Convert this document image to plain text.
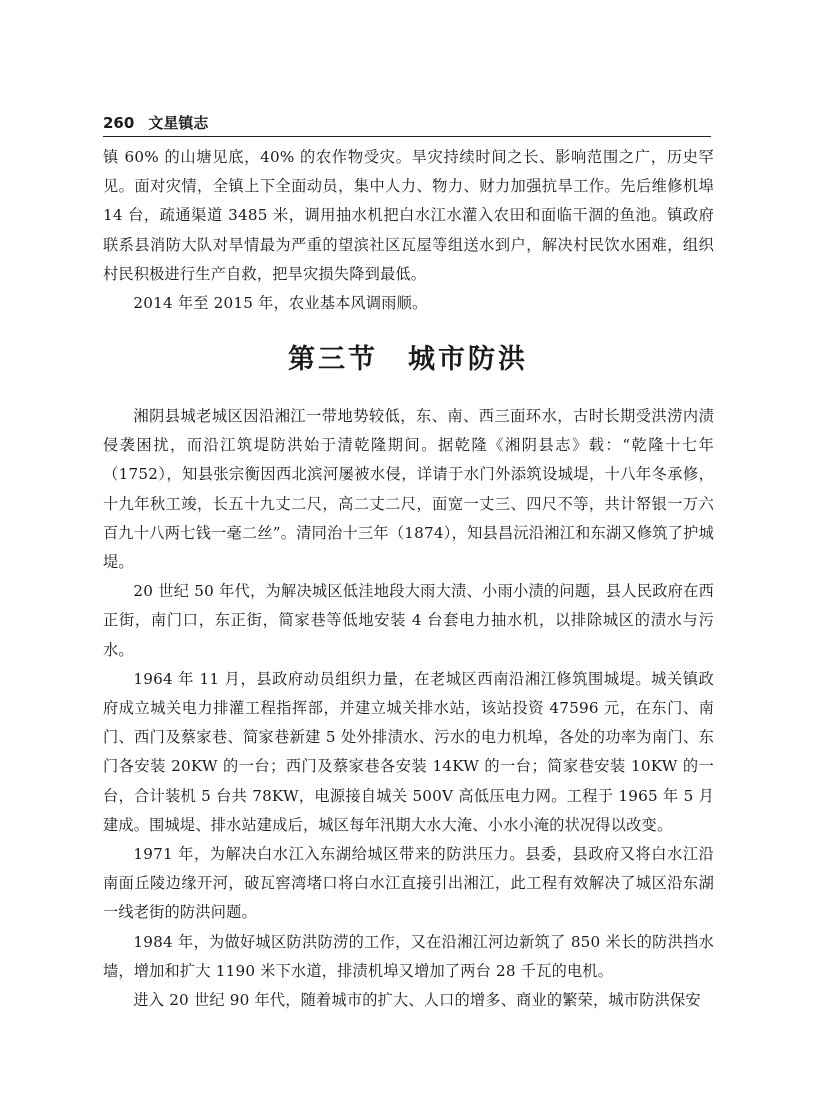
260 文星镇志

镇 60% 的山塘见底，40% 的农作物受灾。旱灾持续时间之长、影响范围之广，历史罕见。面对灾情，全镇上下全面动员，集中人力、物力、财力加强抗旱工作。先后维修机埠 14 台，疏通渠道 3485 米，调用抽水机把白水江水灌入农田和面临干涸的鱼池。镇政府联系县消防大队对旱情最为严重的望滨社区瓦屋等组送水到户，解决村民饮水困难，组织村民积极进行生产自救，把旱灾损失降到最低。

2014 年至 2015 年，农业基本风调雨顺。

第三节 城市防洪

湘阴县城老城区因沿湘江一带地势较低，东、南、西三面环水，古时长期受洪涝内渍侵袭困扰，而沿江筑堤防洪始于清乾隆期间。据乾隆《湘阴县志》载：“乾隆十七年（1752），知县张宗衡因西北滨河屡被水侵，详请于水门外添筑设城堤，十八年冬承修，十九年秋工竣，长五十九丈二尺，高二丈二尺，面宽一丈三、四尺不等，共计帑银一万六百九十八两七钱一毫二丝”。清同治十三年（1874），知县昌沅沿湘江和东湖又修筑了护城堤。

20 世纪 50 年代，为解决城区低洼地段大雨大渍、小雨小渍的问题，县人民政府在西正街，南门口，东正街，简家巷等低地安装 4 台套电力抽水机，以排除城区的渍水与污水。

1964 年 11 月，县政府动员组织力量，在老城区西南沿湘江修筑围城堤。城关镇政府成立城关电力排灌工程指挥部，并建立城关排水站，该站投资 47596 元，在东门、南门、西门及蔡家巷、简家巷新建 5 处外排渍水、污水的电力机埠，各处的功率为南门、东门各安装 20KW 的一台；西门及蔡家巷各安装 14KW 的一台；简家巷安装 10KW 的一台，合计装机 5 台共 78KW，电源接自城关 500V 高低压电力网。工程于 1965 年 5 月建成。围城堤、排水站建成后，城区每年汛期大水大淹、小水小淹的状况得以改变。

1971 年，为解决白水江入东湖给城区带来的防洪压力。县委，县政府又将白水江沿南面丘陵边缘开河，破瓦窖湾堵口将白水江直接引出湘江，此工程有效解决了城区沿东湖一线老街的防洪问题。

1984 年，为做好城区防洪防涝的工作，又在沿湘江河边新筑了 850 米长的防洪挡水墙，增加和扩大 1190 米下水道，排渍机埠又增加了两台 28 千瓦的电机。

进入 20 世纪 90 年代，随着城市的扩大、人口的增多、商业的繁荣，城市防洪保安
